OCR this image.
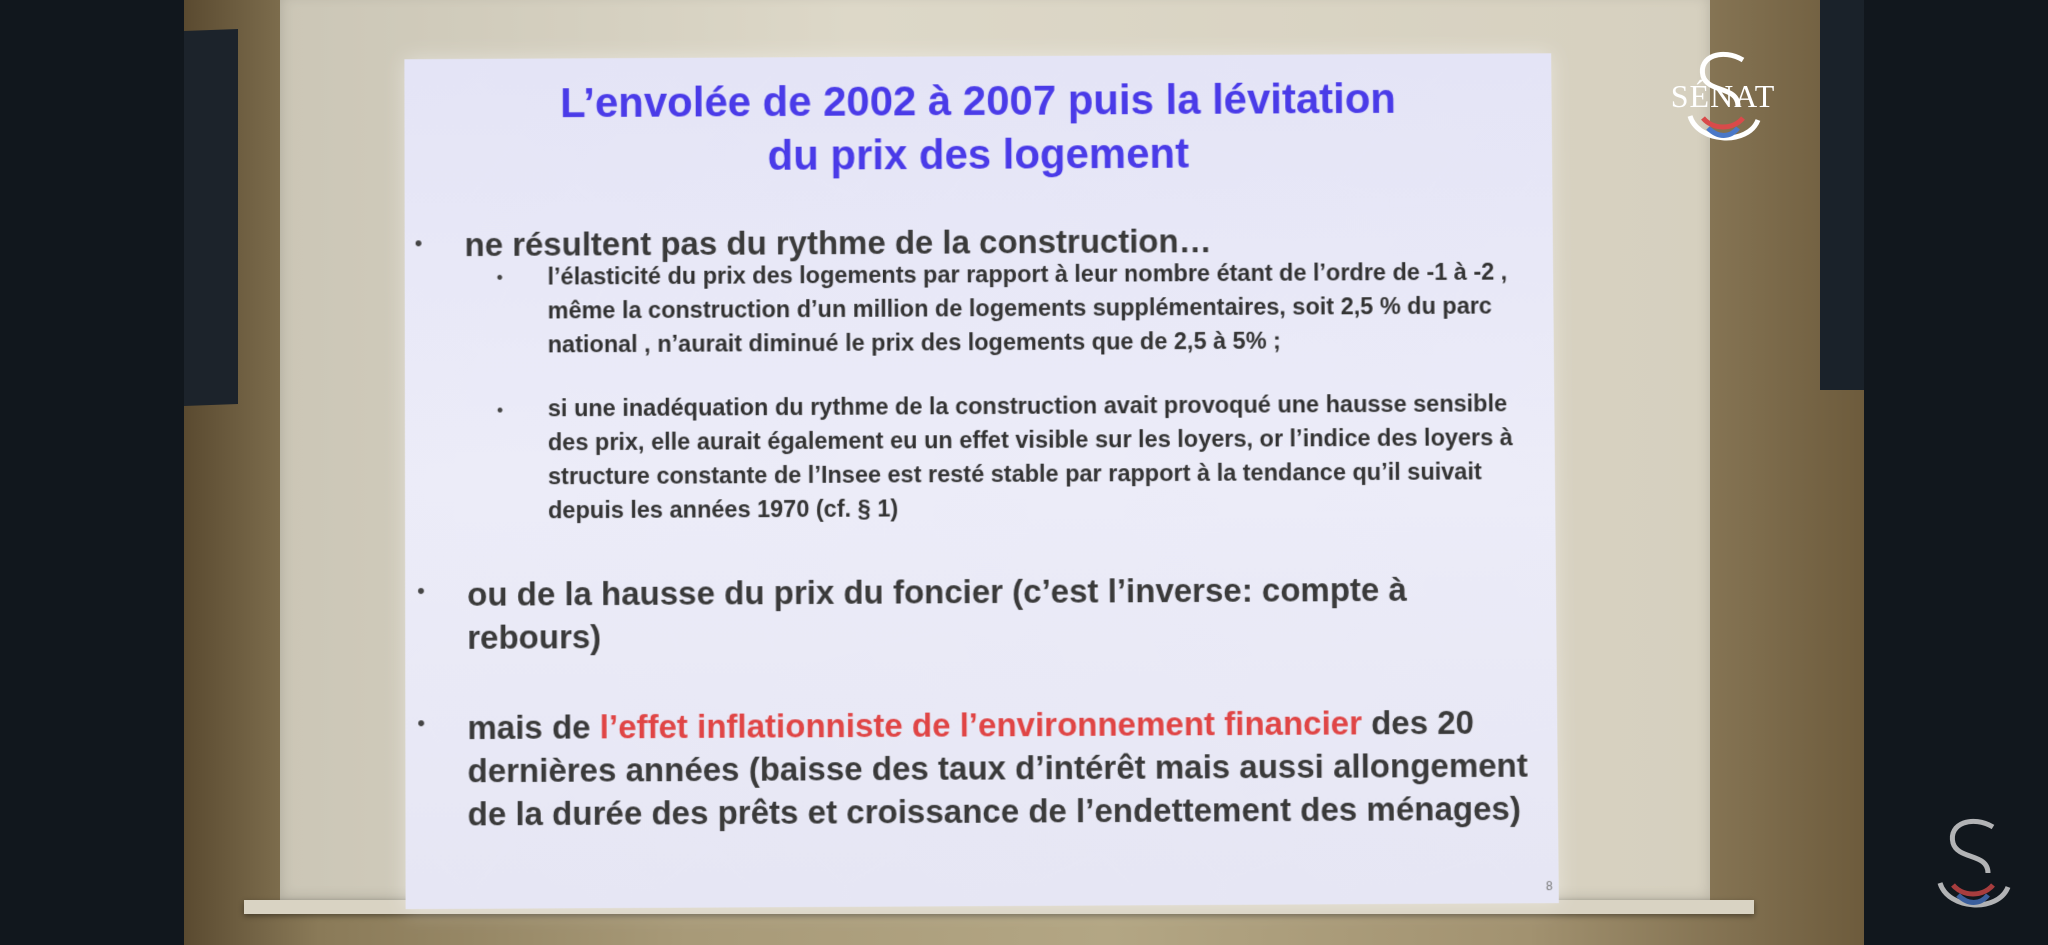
L’envolée de 2002 à 2007 puis la lévitation
du prix des logement
• ne résultent pas du rythme de la construction…
• l’élasticité du prix des logements par rapport à leur nombre étant de l’ordre de -1 à -2 , même la construction d’un million de logements supplémentaires, soit 2,5 % du parc national , n’aurait diminué le prix des logements que de 2,5 à 5% ;
• si une inadéquation du rythme de la construction avait provoqué une hausse sensible des prix, elle aurait également eu un effet visible sur les loyers, or l’indice des loyers à structure constante de l’Insee est resté stable par rapport à la tendance qu’il suivait depuis les années 1970 (cf. § 1)
• ou de la hausse du prix du foncier (c’est l’inverse: compte à rebours)
• mais de l’effet inflationniste de l’environnement financier des 20 dernières années (baisse des taux d’intérêt mais aussi allongement de la durée des prêts et croissance de l’endettement des ménages)
8
SÉNAT
